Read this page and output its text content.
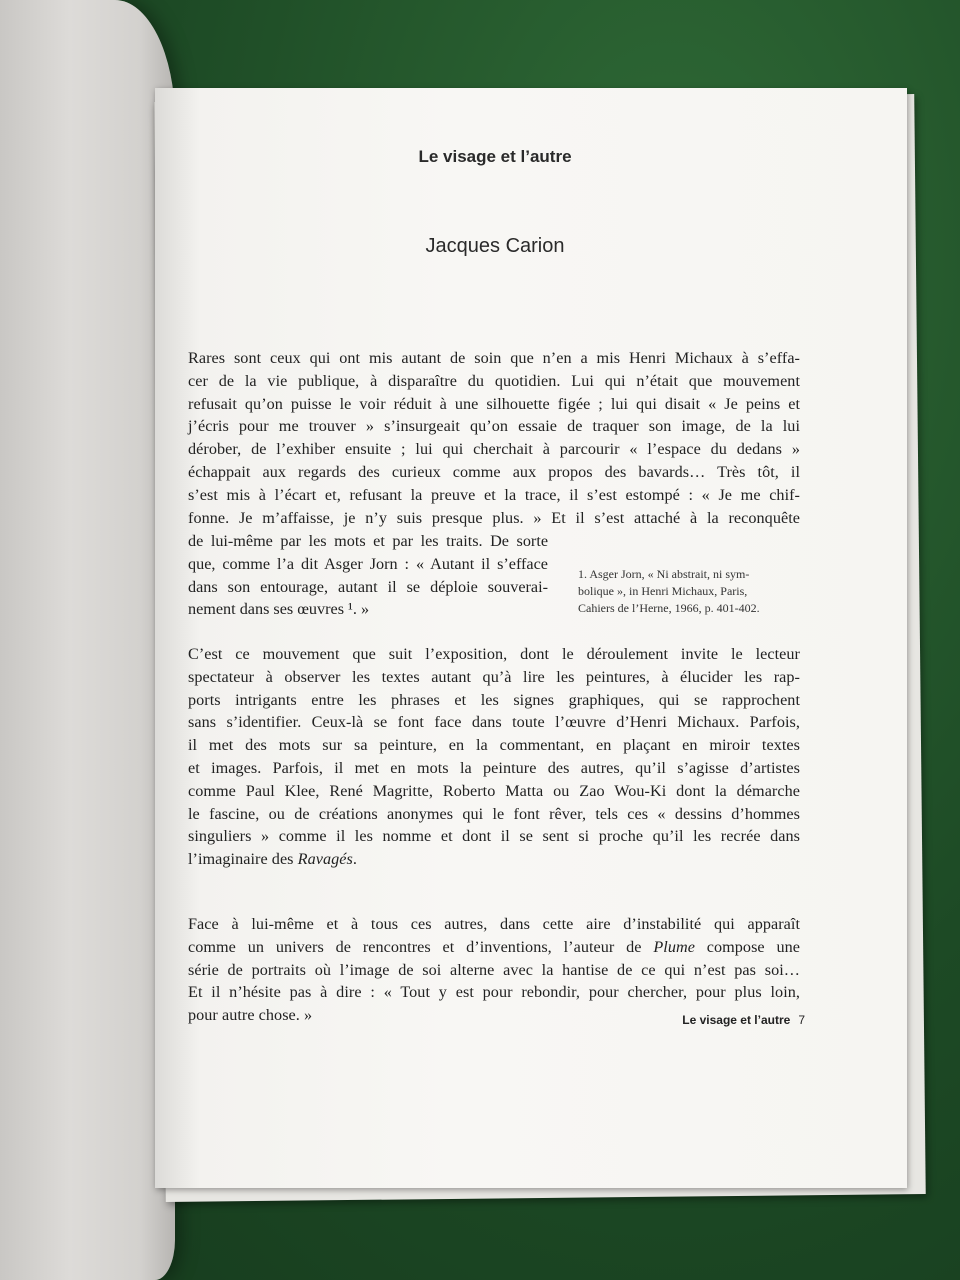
Le visage et l’autre
Jacques Carion
Rares sont ceux qui ont mis autant de soin que n’en a mis Henri Michaux à s’effa-
cer de la vie publique, à disparaître du quotidien. Lui qui n’était que mouvement
refusait qu’on puisse le voir réduit à une silhouette figée ; lui qui disait « Je peins et
j’écris pour me trouver » s’insurgeait qu’on essaie de traquer son image, de la lui
dérober, de l’exhiber ensuite ; lui qui cherchait à parcourir « l’espace du dedans »
échappait aux regards des curieux comme aux propos des bavards… Très tôt, il
s’est mis à l’écart et, refusant la preuve et la trace, il s’est estompé : « Je me chif-
fonne. Je m’affaisse, je n’y suis presque plus. » Et il s’est attaché à la reconquête
de lui-même par les mots et par les traits. De sorte
que, comme l’a dit Asger Jorn : « Autant il s’efface
dans son entourage, autant il se déploie souverai-
nement dans ses œuvres ¹. »
1. Asger Jorn, « Ni abstrait, ni sym-
bolique », in Henri Michaux, Paris,
Cahiers de l’Herne, 1966, p. 401-402.
C’est ce mouvement que suit l’exposition, dont le déroulement invite le lecteur
spectateur à observer les textes autant qu’à lire les peintures, à élucider les rap-
ports intrigants entre les phrases et les signes graphiques, qui se rapprochent
sans s’identifier. Ceux-là se font face dans toute l’œuvre d’Henri Michaux. Parfois,
il met des mots sur sa peinture, en la commentant, en plaçant en miroir textes
et images. Parfois, il met en mots la peinture des autres, qu’il s’agisse d’artistes
comme Paul Klee, René Magritte, Roberto Matta ou Zao Wou-Ki dont la démarche
le fascine, ou de créations anonymes qui le font rêver, tels ces « dessins d’hommes
singuliers » comme il les nomme et dont il se sent si proche qu’il les recrée dans
l’imaginaire des Ravagés.
Face à lui-même et à tous ces autres, dans cette aire d’instabilité qui apparaît
comme un univers de rencontres et d’inventions, l’auteur de Plume compose une
série de portraits où l’image de soi alterne avec la hantise de ce qui n’est pas soi…
Et il n’hésite pas à dire : « Tout y est pour rebondir, pour chercher, pour plus loin,
pour autre chose. »	Le visage et l’autre 7
